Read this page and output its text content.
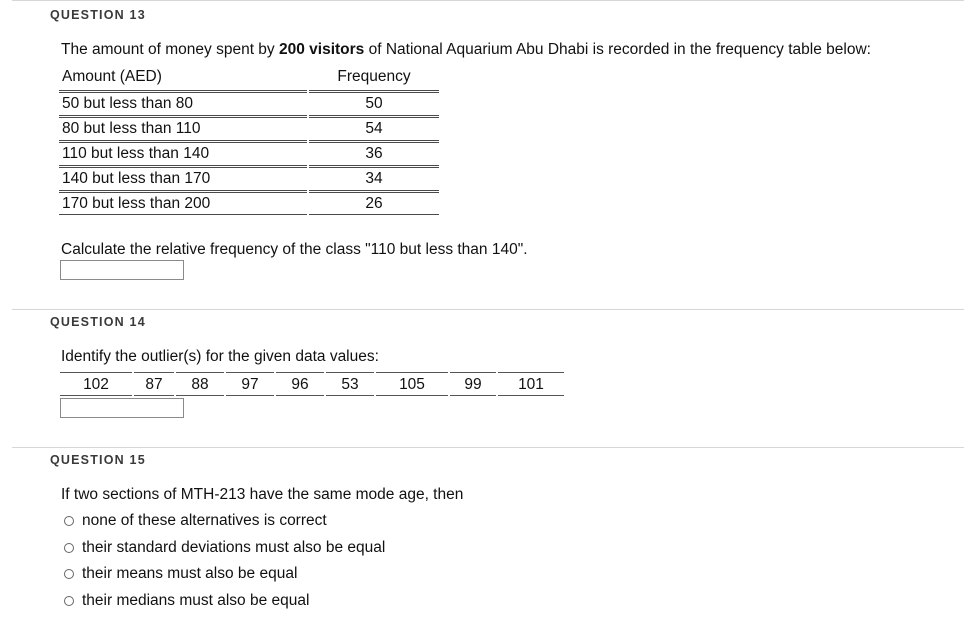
QUESTION 13
The amount of money spent by 200 visitors of National Aquarium Abu Dhabi is recorded in the frequency table below:
Amount (AED)	Frequency
50 but less than 80	50
80 but less than 110	54
110 but less than 140	36
140 but less than 170	34
170 but less than 200	26
Calculate the relative frequency of the class "110 but less than 140".
QUESTION 14
Identify the outlier(s) for the given data values:
102	87	88	97	96	53	105	99	101
QUESTION 15
If two sections of MTH-213 have the same mode age, then
none of these alternatives is correct
their standard deviations must also be equal
their means must also be equal
their medians must also be equal
